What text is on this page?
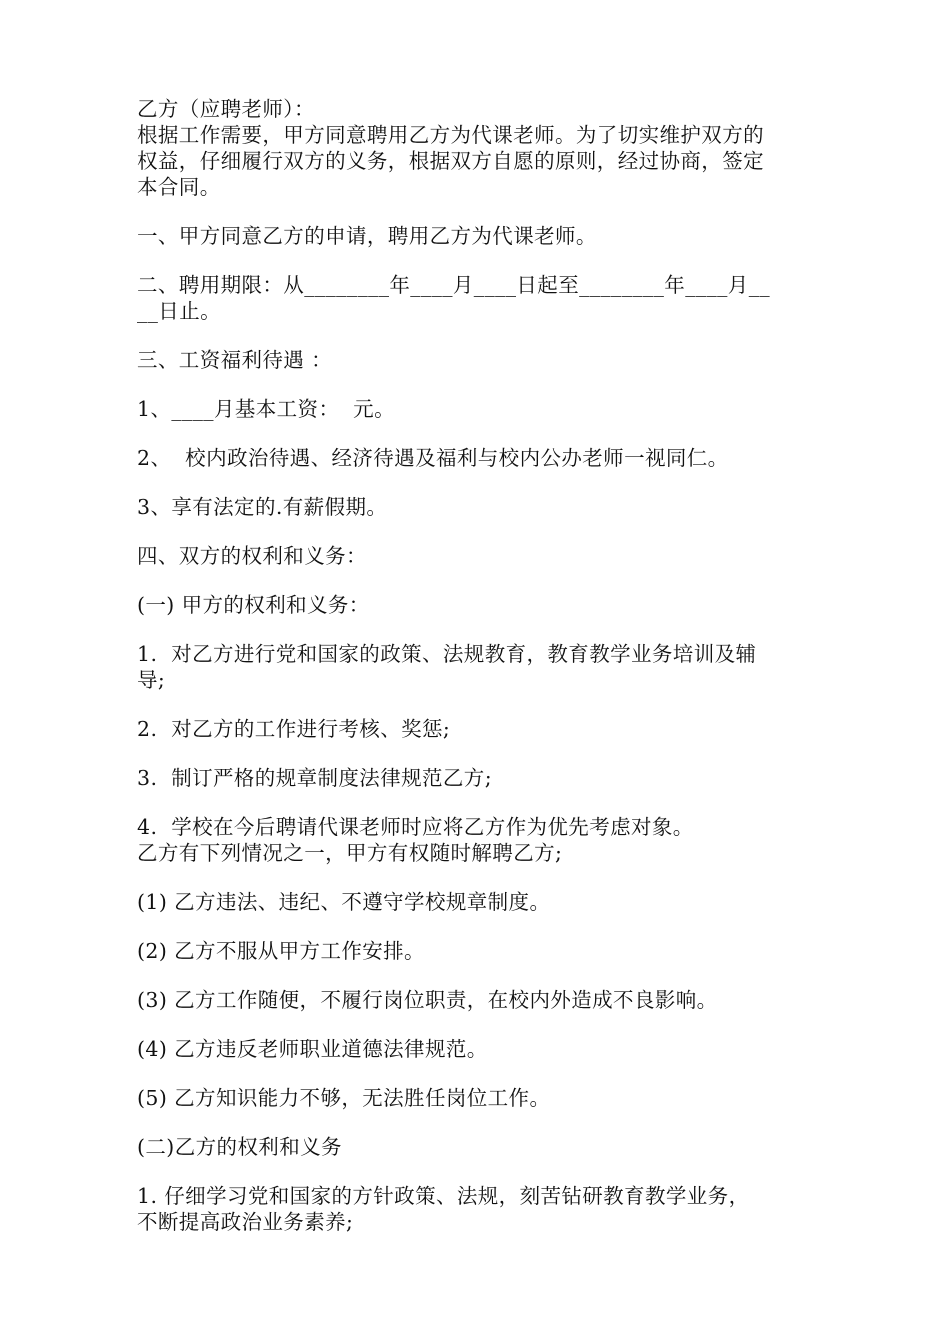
乙方（应聘老师）：

根据工作需要，甲方同意聘用乙方为代课老师。为了切实维护双方的

权益，仔细履行双方的义务，根据双方自愿的原则，经过协商，签定

本合同。

一、甲方同意乙方的申请，聘用乙方为代课老师。

二、聘用期限：从________年____月____日起至________年____月__

__日止。

三、工资福利待遇 ：

1、____月基本工资：  元。

2、  校内政治待遇、经济待遇及福利与校内公办老师一视同仁。

3、享有法定的.有薪假期。

四、双方的权利和义务：

(一) 甲方的权利和义务：

1.  对乙方进行党和国家的政策、法规教育，教育教学业务培训及辅

导;

2.  对乙方的工作进行考核、奖惩;

3.  制订严格的规章制度法律规范乙方;

4.  学校在今后聘请代课老师时应将乙方作为优先考虑对象。

乙方有下列情况之一，甲方有权随时解聘乙方;

(1) 乙方违法、违纪、不遵守学校规章制度。

(2) 乙方不服从甲方工作安排。

(3) 乙方工作随便，不履行岗位职责，在校内外造成不良影响。

(4) 乙方违反老师职业道德法律规范。

(5) 乙方知识能力不够，无法胜任岗位工作。

(二)乙方的权利和义务

1. 仔细学习党和国家的方针政策、法规，刻苦钻研教育教学业务，

不断提高政治业务素养;
